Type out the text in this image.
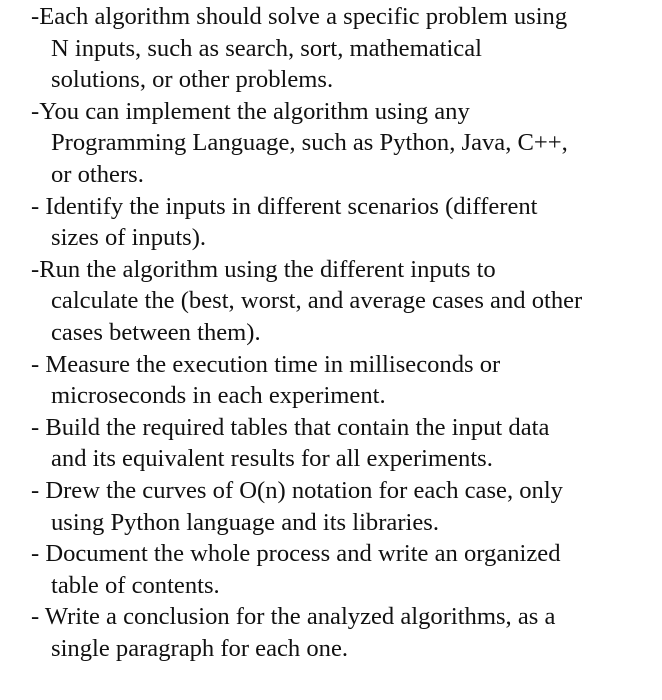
-Each algorithm should solve a specific problem using
N inputs, such as search, sort, mathematical
solutions, or other problems.
-You can implement the algorithm using any
Programming Language, such as Python, Java, C++,
or others.
- Identify the inputs in different scenarios (different
sizes of inputs).
-Run the algorithm using the different inputs to
calculate the (best, worst, and average cases and other
cases between them).
- Measure the execution time in milliseconds or
microseconds in each experiment.
- Build the required tables that contain the input data
and its equivalent results for all experiments.
- Drew the curves of O(n) notation for each case, only
using Python language and its libraries.
- Document the whole process and write an organized
table of contents.
- Write a conclusion for the analyzed algorithms, as a
single paragraph for each one.
